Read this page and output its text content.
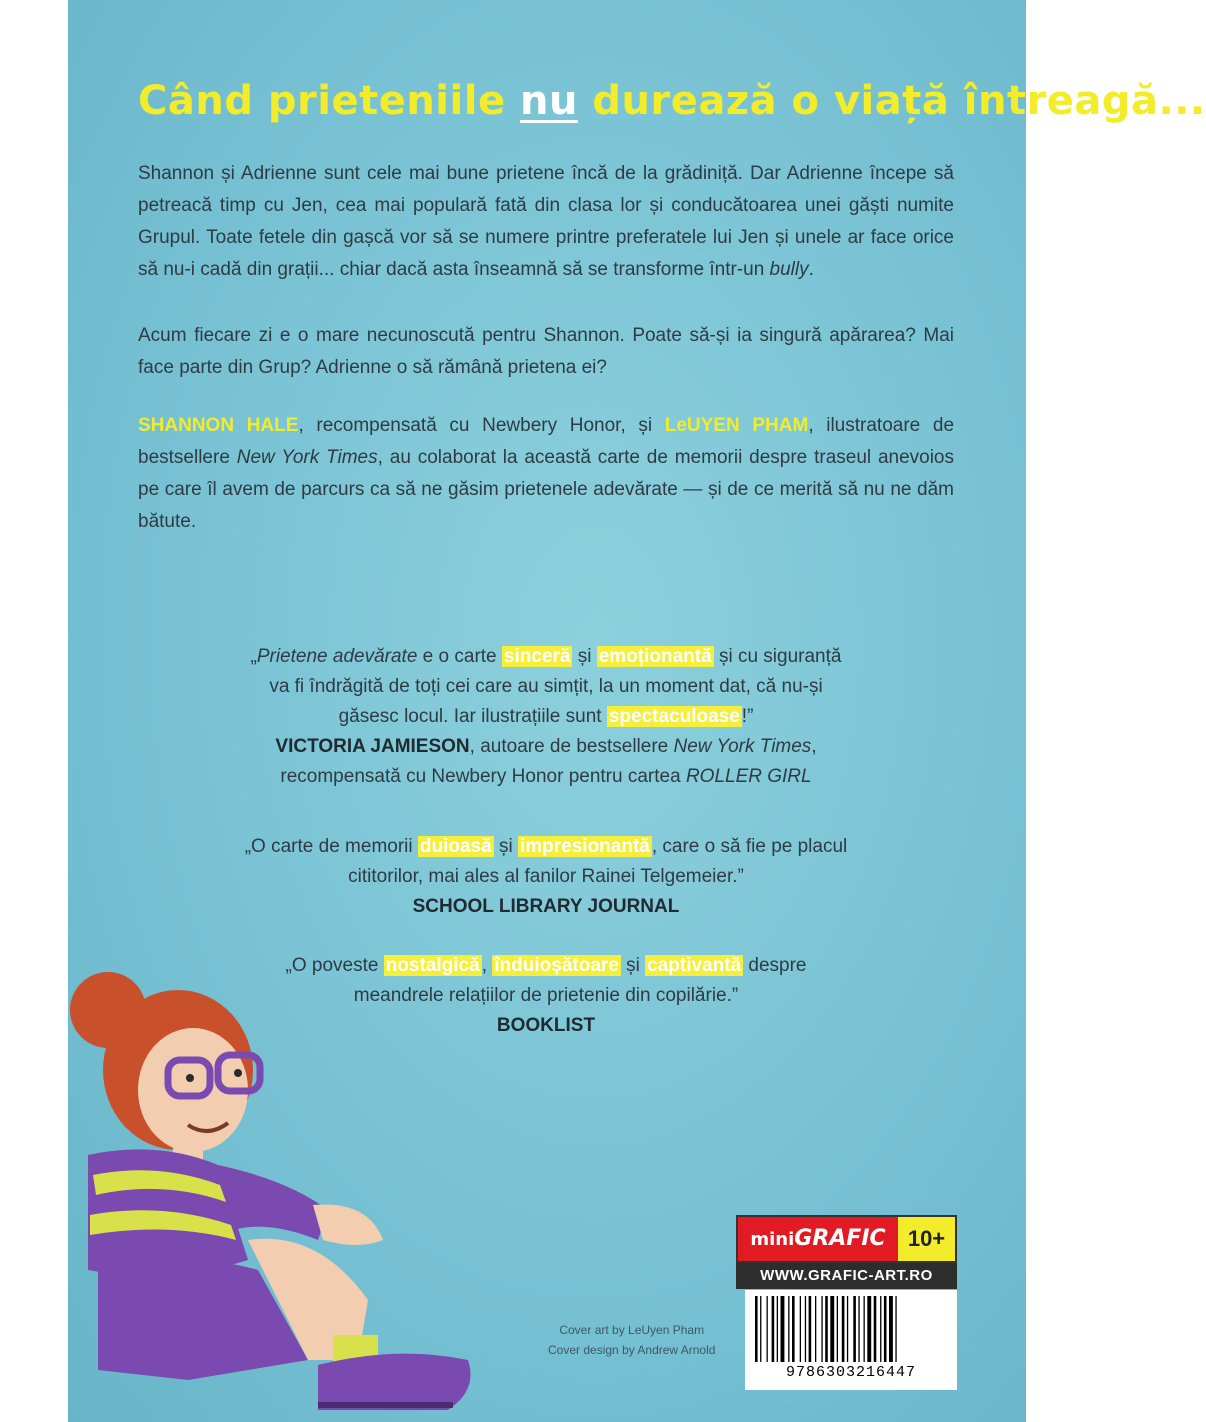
Când prieteniile nu durează o viață întreagă...
Shannon și Adrienne sunt cele mai bune prietene încă de la grădiniță. Dar Adrienne începe să petreacă timp cu Jen, cea mai populară fată din clasa lor și conducătoarea unei găști numite Grupul. Toate fetele din gașcă vor să se numere printre preferatele lui Jen și unele ar face orice să nu-i cadă din grații... chiar dacă asta înseamnă să se transforme într-un bully.
Acum fiecare zi e o mare necunoscută pentru Shannon. Poate să-și ia singură apărarea? Mai face parte din Grup? Adrienne o să rămână prietena ei?
SHANNON HALE, recompensată cu Newbery Honor, și LeUYEN PHAM, ilustratoare de bestsellere New York Times, au colaborat la această carte de memorii despre traseul anevoios pe care îl avem de parcurs ca să ne găsim prietenele adevărate — și de ce merită să nu ne dăm bătute.
„Prietene adevărate e o carte sinceră și emoționantă și cu siguranță va fi îndrăgită de toți cei care au simțit, la un moment dat, că nu-și găsesc locul. Iar ilustrațiile sunt spectaculoase !”
VICTORIA JAMIESON, autoare de bestsellere New York Times,
recompensată cu Newbery Honor pentru cartea ROLLER GIRL
„O carte de memorii duioasă și impresionantă , care o să fie pe placul cititorilor, mai ales al fanilor Rainei Telgemeier.”
SCHOOL LIBRARY JOURNAL
„O poveste nostalgică , înduioșătoare și captivantă despre meandrele relațiilor de prietenie din copilărie.”
BOOKLIST
Cover art by LeUyen Pham
Cover design by Andrew Arnold
miniGRAFIC	10+
WWW.GRAFIC-ART.RO
9786303216447
